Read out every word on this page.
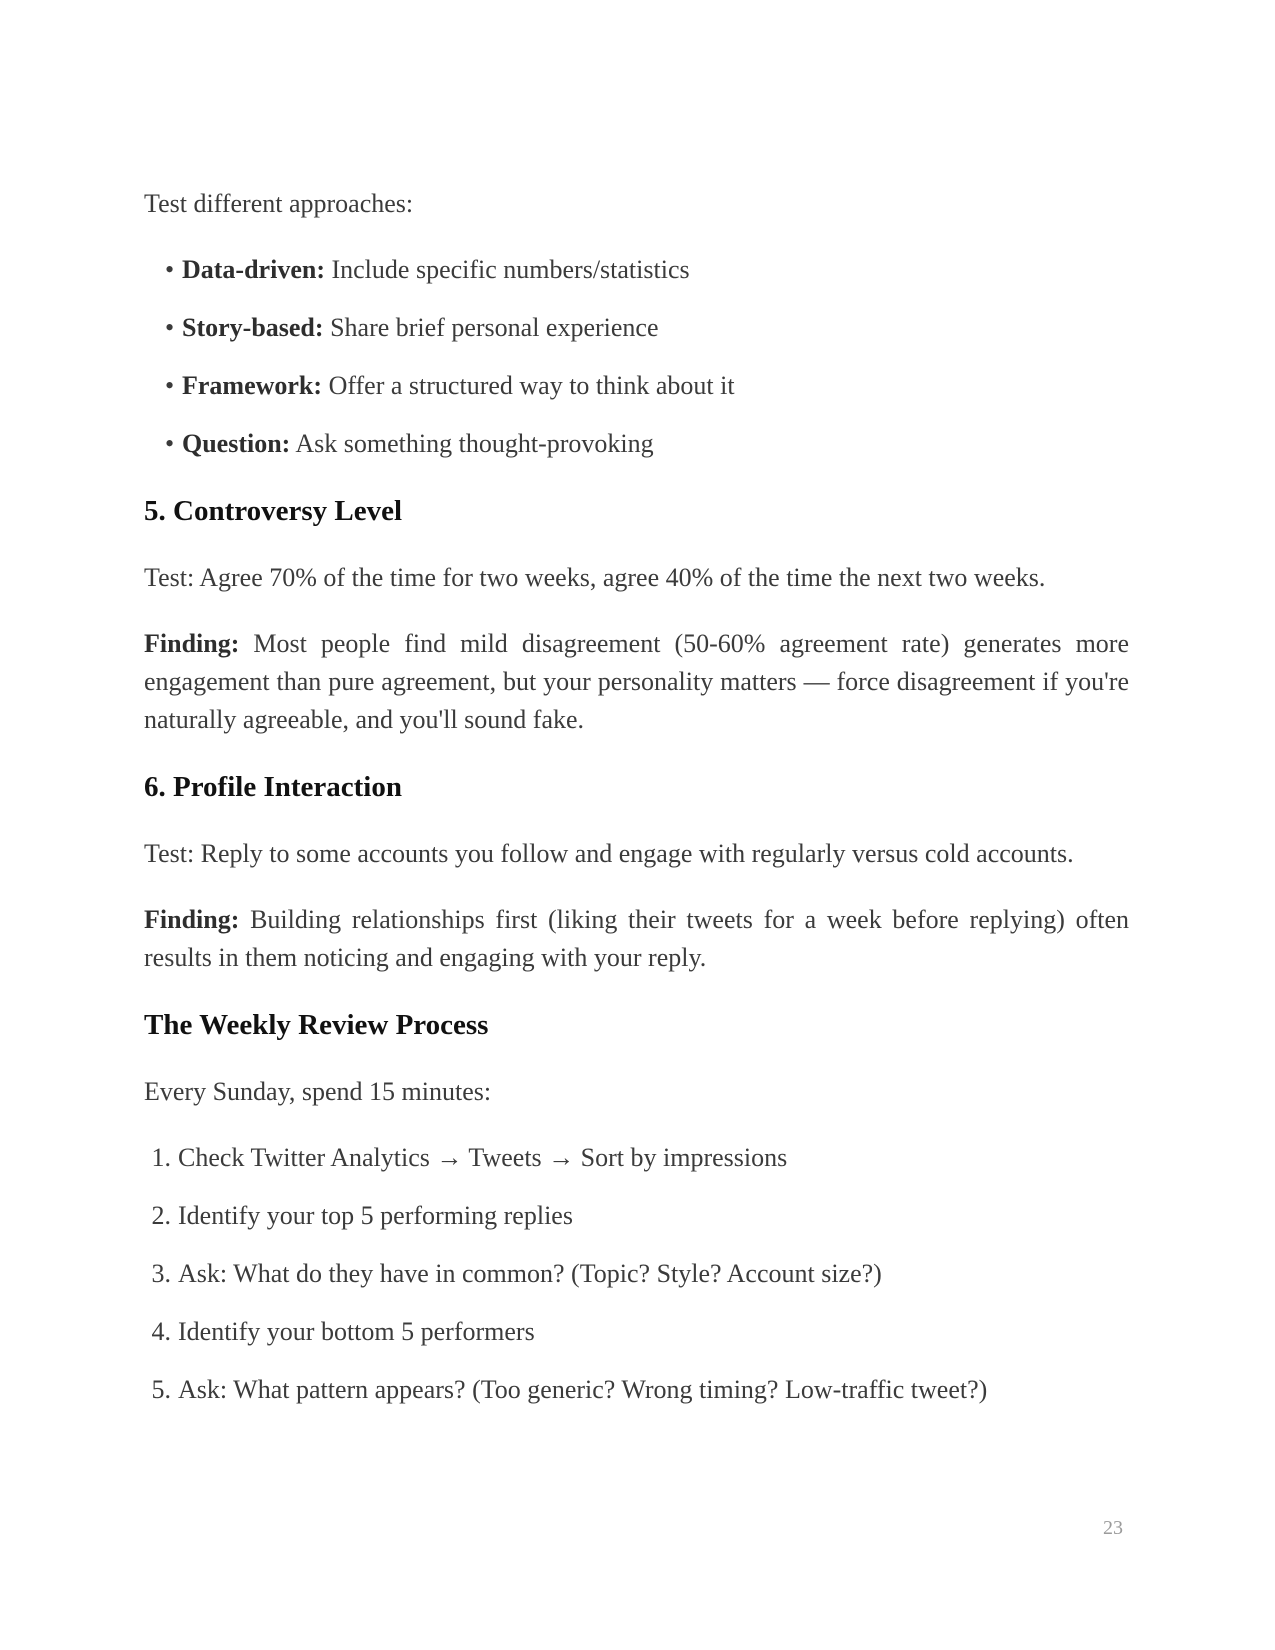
Test different approaches:

• Data-driven: Include specific numbers/statistics
• Story-based: Share brief personal experience
• Framework: Offer a structured way to think about it
• Question: Ask something thought-provoking
5. Controversy Level

Test: Agree 70% of the time for two weeks, agree 40% of the time the next two weeks.

Finding: Most people find mild disagreement (50-60% agreement rate) generates more engagement than pure agreement, but your personality matters — force disagreement if you're naturally agreeable, and you'll sound fake.

6. Profile Interaction

Test: Reply to some accounts you follow and engage with regularly versus cold accounts.

Finding: Building relationships first (liking their tweets for a week before replying) often results in them noticing and engaging with your reply.

The Weekly Review Process

Every Sunday, spend 15 minutes:

1. Check Twitter Analytics → Tweets → Sort by impressions
2. Identify your top 5 performing replies
3. Ask: What do they have in common? (Topic? Style? Account size?)
4. Identify your bottom 5 performers
5. Ask: What pattern appears? (Too generic? Wrong timing? Low-traffic tweet?)
23
